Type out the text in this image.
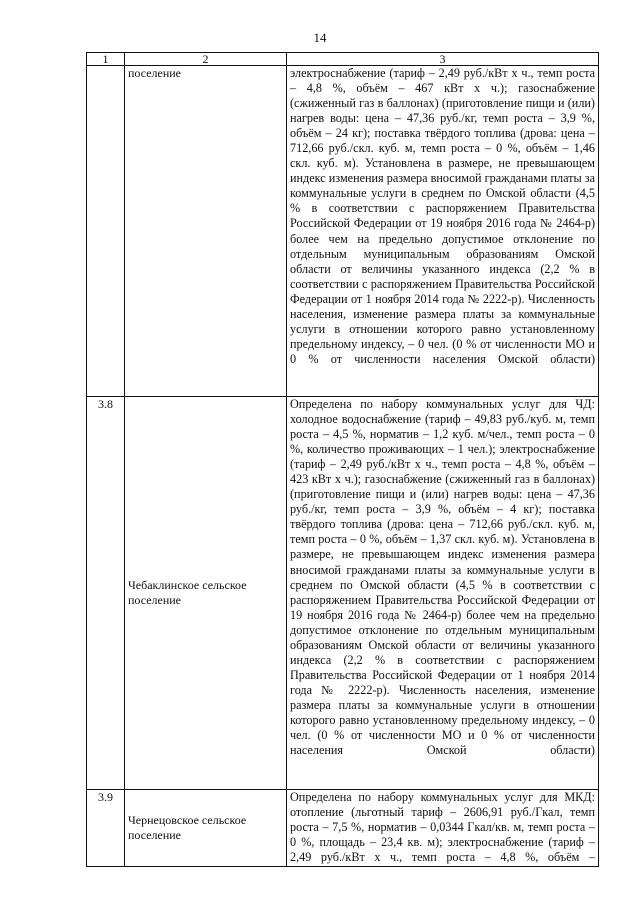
14
1	2	3
	поселение	электроснабжение (тариф – 2,49 руб./кВт х ч., темп роста – 4,8 %, объём – 467 кВт х ч.); газоснабжение (сжиженный газ в баллонах) (приготовление пищи и (или) нагрев воды: цена – 47,36 руб./кг, темп роста – 3,9 %, объём – 24 кг); поставка твёрдого топлива (дрова: цена – 712,66 руб./скл. куб. м, темп роста – 0 %, объём – 1,46 скл. куб. м). Установлена в размере, не превышающем индекс изменения размера вносимой гражданами платы за коммунальные услуги в среднем по Омской области (4,5 % в соответствии с распоряжением Правительства Российской Федерации от 19 ноября 2016 года № 2464-р) более чем на предельно допустимое отклонение по отдельным муниципальным образованиям Омской области от величины указанного индекса (2,2 % в соответствии с распоряжением Правительства Российской Федерации от 1 ноября 2014 года № 2222-р). Численность населения, изменение размера платы за коммунальные услуги в отношении которого равно установленному предельному индексу, – 0 чел. (0 % от численности МО и 0 % от численности населения Омской области)
3.8	Чебаклинское сельское поселение	Определена по набору коммунальных услуг для ЧД: холодное водоснабжение (тариф – 49,83 руб./куб. м, темп роста – 4,5 %, норматив – 1,2 куб. м/чел., темп роста – 0 %, количество проживающих – 1 чел.); электроснабжение (тариф – 2,49 руб./кВт х ч., темп роста – 4,8 %, объём – 423 кВт х ч.); газоснабжение (сжиженный газ в баллонах) (приготовление пищи и (или) нагрев воды: цена – 47,36 руб./кг, темп роста – 3,9 %, объём – 4 кг); поставка твёрдого топлива (дрова: цена – 712,66 руб./скл. куб. м, темп роста – 0 %, объём – 1,37 скл. куб. м). Установлена в размере, не превышающем индекс изменения размера вносимой гражданами платы за коммунальные услуги в среднем по Омской области (4,5 % в соответствии с распоряжением Правительства Российской Федерации от 19 ноября 2016 года № 2464-р) более чем на предельно допустимое отклонение по отдельным муниципальным образованиям Омской области от величины указанного индекса (2,2 % в соответствии с распоряжением Правительства Российской Федерации от 1 ноября 2014 года № 2222-р). Численность населения, изменение размера платы за коммунальные услуги в отношении которого равно установленному предельному индексу, – 0 чел. (0 % от численности МО и 0 % от численности населения Омской области)
3.9	Чернецовское сельское поселение	Определена по набору коммунальных услуг для МКД: отопление (льготный тариф – 2606,91 руб./Гкал, темп роста – 7,5 %, норматив – 0,0344 Гкал/кв. м, темп роста – 0 %, площадь – 23,4 кв. м); электроснабжение (тариф – 2,49 руб./кВт х ч., темп роста – 4,8 %, объём –
